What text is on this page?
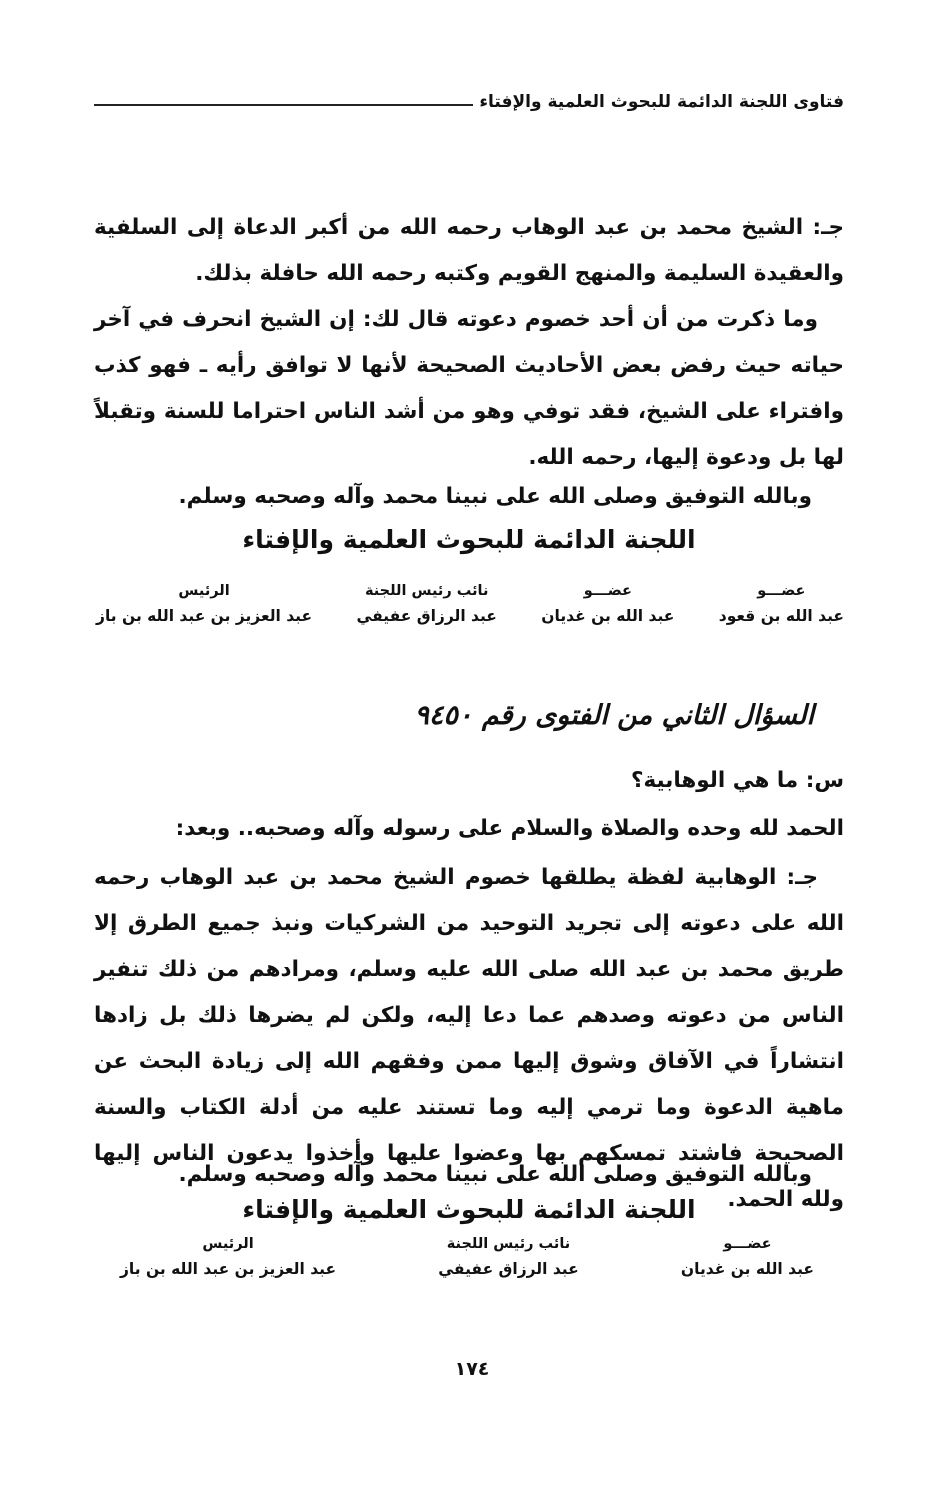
فتاوى اللجنة الدائمة للبحوث العلمية والإفتاء

جـ: الشيخ محمد بن عبد الوهاب رحمه الله من أكبر الدعاة إلى السلفية والعقيدة السليمة والمنهج القويم وكتبه رحمه الله حافلة بذلك.

وما ذكرت من أن أحد خصوم دعوته قال لك: إن الشيخ انحرف في آخر حياته حيث رفض بعض الأحاديث الصحيحة لأنها لا توافق رأيه ـ فهو كذب وافتراء على الشيخ، فقد توفي وهو من أشد الناس احتراما للسنة وتقبلاً لها بل ودعوة إليها، رحمه الله.

وبالله التوفيق وصلى الله على نبينا محمد وآله وصحبه وسلم.

اللجنة الدائمة للبحوث العلمية والإفتاء

عضـــو
عبد الله بن قعود
عضـــو
عبد الله بن غديان
نائب رئيس اللجنة
عبد الرزاق عفيفي
الرئيس
عبد العزيز بن عبد الله بن باز
السؤال الثاني من الفتوى رقم ٩٤٥٠

س: ما هي الوهابية؟

الحمد لله وحده والصلاة والسلام على رسوله وآله وصحبه.. وبعد:

جـ: الوهابية لفظة يطلقها خصوم الشيخ محمد بن عبد الوهاب رحمه الله على دعوته إلى تجريد التوحيد من الشركيات ونبذ جميع الطرق إلا طريق محمد بن عبد الله صلى الله عليه وسلم، ومرادهم من ذلك تنفير الناس من دعوته وصدهم عما دعا إليه، ولكن لم يضرها ذلك بل زادها انتشاراً في الآفاق وشوق إليها ممن وفقهم الله إلى زيادة البحث عن ماهية الدعوة وما ترمي إليه وما تستند عليه من أدلة الكتاب والسنة الصحيحة فاشتد تمسكهم بها وعضوا عليها وأخذوا يدعون الناس إليها ولله الحمد.

وبالله التوفيق وصلى الله على نبينا محمد وآله وصحبه وسلم.

اللجنة الدائمة للبحوث العلمية والإفتاء

عضـــو
عبد الله بن غديان
نائب رئيس اللجنة
عبد الرزاق عفيفي
الرئيس
عبد العزيز بن عبد الله بن باز
١٧٤
